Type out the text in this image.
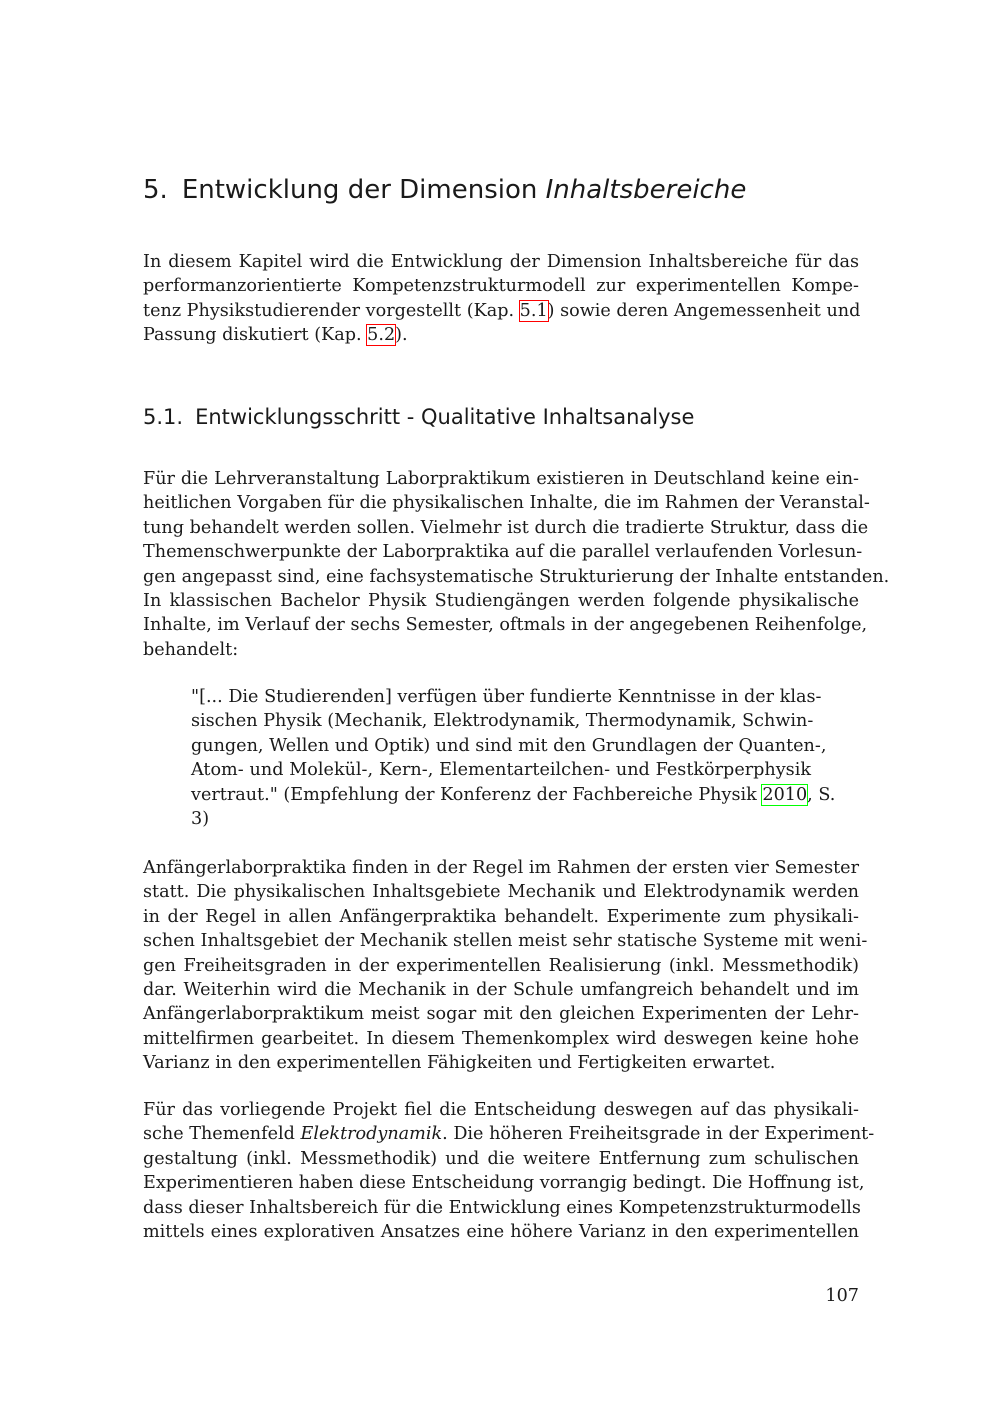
5. Entwicklung der Dimension Inhaltsbereiche
In diesem Kapitel wird die Entwicklung der Dimension Inhaltsbereiche für das
performanzorientierte Kompetenzstrukturmodell zur experimentellen Kompe-
tenz Physikstudierender vorgestellt (Kap. 5.1) sowie deren Angemessenheit und
Passung diskutiert (Kap. 5.2).
5.1. Entwicklungsschritt - Qualitative Inhaltsanalyse
Für die Lehrveranstaltung Laborpraktikum existieren in Deutschland keine ein-
heitlichen Vorgaben für die physikalischen Inhalte, die im Rahmen der Veranstal-
tung behandelt werden sollen. Vielmehr ist durch die tradierte Struktur, dass die
Themenschwerpunkte der Laborpraktika auf die parallel verlaufenden Vorlesun-
gen angepasst sind, eine fachsystematische Strukturierung der Inhalte entstanden.
In klassischen Bachelor Physik Studiengängen werden folgende physikalische
Inhalte, im Verlauf der sechs Semester, oftmals in der angegebenen Reihenfolge,
behandelt:
"[... Die Studierenden] verfügen über fundierte Kenntnisse in der klas-
sischen Physik (Mechanik, Elektrodynamik, Thermodynamik, Schwin-
gungen, Wellen und Optik) und sind mit den Grundlagen der Quanten-,
Atom- und Molekül-, Kern-, Elementarteilchen- und Festkörperphysik
vertraut." (Empfehlung der Konferenz der Fachbereiche Physik 2010, S.
3)
Anfängerlaborpraktika finden in der Regel im Rahmen der ersten vier Semester
statt. Die physikalischen Inhaltsgebiete Mechanik und Elektrodynamik werden
in der Regel in allen Anfängerpraktika behandelt. Experimente zum physikali-
schen Inhaltsgebiet der Mechanik stellen meist sehr statische Systeme mit weni-
gen Freiheitsgraden in der experimentellen Realisierung (inkl. Messmethodik)
dar. Weiterhin wird die Mechanik in der Schule umfangreich behandelt und im
Anfängerlaborpraktikum meist sogar mit den gleichen Experimenten der Lehr-
mittelfirmen gearbeitet. In diesem Themenkomplex wird deswegen keine hohe
Varianz in den experimentellen Fähigkeiten und Fertigkeiten erwartet.
Für das vorliegende Projekt fiel die Entscheidung deswegen auf das physikali-
sche Themenfeld Elektrodynamik. Die höheren Freiheitsgrade in der Experiment-
gestaltung (inkl. Messmethodik) und die weitere Entfernung zum schulischen
Experimentieren haben diese Entscheidung vorrangig bedingt. Die Hoffnung ist,
dass dieser Inhaltsbereich für die Entwicklung eines Kompetenzstrukturmodells
mittels eines explorativen Ansatzes eine höhere Varianz in den experimentellen
107
